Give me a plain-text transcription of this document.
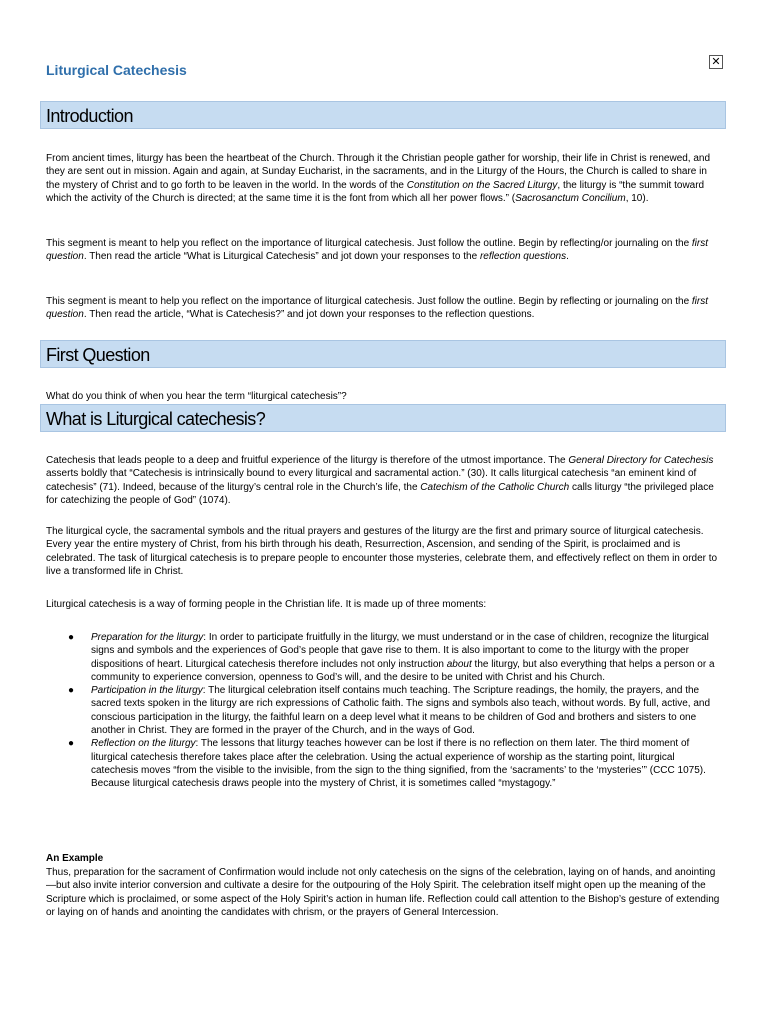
Liturgical Catechesis
✕
Introduction

From ancient times, liturgy has been the heartbeat of the Church. Through it the Christian people gather for worship, their life in Christ is renewed, and they are sent out in mission. Again and again, at Sunday Eucharist, in the sacraments, and in the Liturgy of the Hours, the Church is called to share in the mystery of Christ and to go forth to be leaven in the world. In the words of the Constitution on the Sacred Liturgy, the liturgy is “the summit toward which the activity of the Church is directed; at the same time it is the font from which all her power flows.” (Sacrosanctum Concilium, 10).

This segment is meant to help you reflect on the importance of liturgical catechesis. Just follow the outline. Begin by reflecting/or journaling on the first question. Then read the article “What is Liturgical Catechesis” and jot down your responses to the reflection questions.

This segment is meant to help you reflect on the importance of liturgical catechesis. Just follow the outline. Begin by reflecting or journaling on the first question. Then read the article, “What is Catechesis?” and jot down your responses to the reflection questions.

First Question

What do you think of when you hear the term “liturgical catechesis”?

What is Liturgical catechesis?

Catechesis that leads people to a deep and fruitful experience of the liturgy is therefore of the utmost importance. The General Directory for Catechesis asserts boldly that “Catechesis is intrinsically bound to every liturgical and sacramental action.” (30). It calls liturgical catechesis “an eminent kind of catechesis” (71). Indeed, because of the liturgy’s central role in the Church’s life, the Catechism of the Catholic Church calls liturgy “the privileged place for catechizing the people of God” (1074).

The liturgical cycle, the sacramental symbols and the ritual prayers and gestures of the liturgy are the first and primary source of liturgical catechesis. Every year the entire mystery of Christ, from his birth through his death, Resurrection, Ascension, and sending of the Spirit, is proclaimed and is celebrated. The task of liturgical catechesis is to prepare people to encounter those mysteries, celebrate them, and effectively reflect on them in order to live a transformed life in Christ.

Liturgical catechesis is a way of forming people in the Christian life. It is made up of three moments:

● Preparation for the liturgy: In order to participate fruitfully in the liturgy, we must understand or in the case of children, recognize the liturgical signs and symbols and the experiences of God’s people that gave rise to them. It is also important to come to the liturgy with the proper dispositions of heart. Liturgical catechesis therefore includes not only instruction about the liturgy, but also everything that helps a person or a community to experience conversion, openness to God’s will, and the desire to be united with Christ and his Church.
● Participation in the liturgy: The liturgical celebration itself contains much teaching. The Scripture readings, the homily, the prayers, and the sacred texts spoken in the liturgy are rich expressions of Catholic faith. The signs and symbols also teach, without words. By full, active, and conscious participation in the liturgy, the faithful learn on a deep level what it means to be children of God and brothers and sisters to one another in Christ. They are formed in the prayer of the Church, and in the ways of God.
● Reflection on the liturgy: The lessons that liturgy teaches however can be lost if there is no reflection on them later. The third moment of liturgical catechesis therefore takes place after the celebration. Using the actual experience of worship as the starting point, liturgical catechesis moves “from the visible to the invisible, from the sign to the thing signified, from the ‘sacraments’ to the ‘mysteries’” (CCC 1075). Because liturgical catechesis draws people into the mystery of Christ, it is sometimes called “mystagogy.”
An Example

Thus, preparation for the sacrament of Confirmation would include not only catechesis on the signs of the celebration, laying on of hands, and anointing—but also invite interior conversion and cultivate a desire for the outpouring of the Holy Spirit. The celebration itself might open up the meaning of the Scripture which is proclaimed, or some aspect of the Holy Spirit’s action in human life. Reflection could call attention to the Bishop’s gesture of extending or laying on of hands and anointing the candidates with chrism, or the prayers of General Intercession.
